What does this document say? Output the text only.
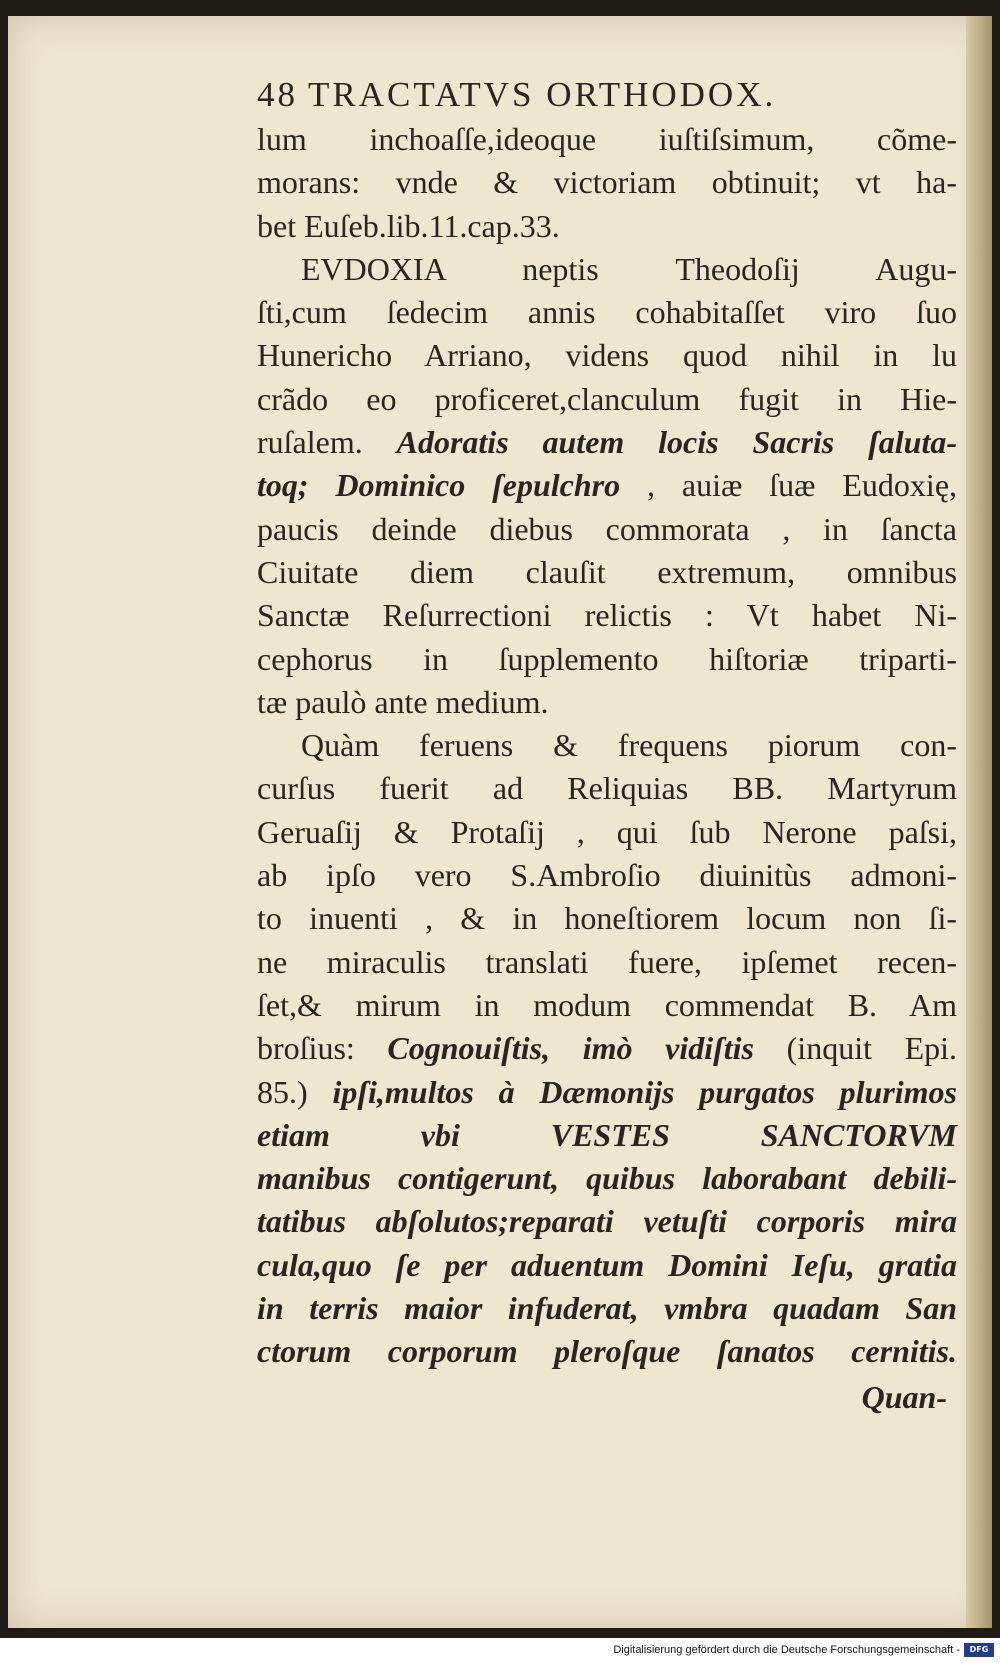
48 TRACTATVS ORTHODOX.
lum inchoaſſe,ideoque iuſtiſsimum, cõme-
morans: vnde & victoriam obtinuit; vt ha-
bet Euſeb.lib.11.cap.33.
EVDOXIA neptis Theodoſij Augu-
ſti,cum ſedecim annis cohabitaſſet viro ſuo
Hunericho Arriano, videns quod nihil in lu
crãdo eo proficeret,clanculum fugit in Hie-
ruſalem. Adoratis autem locis Sacris ſaluta-
toq; Dominico ſepulchro , auiæ ſuæ Eudoxię,
paucis deinde diebus commorata , in ſancta
Ciuitate diem clauſit extremum, omnibus
Sanctæ Reſurrectioni relictis : Vt habet Ni-
cephorus in ſupplemento hiſtoriæ triparti-
tæ paulò ante medium.
Quàm feruens & frequens piorum con-
curſus fuerit ad Reliquias BB. Martyrum
Geruaſij & Protaſij , qui ſub Nerone paſsi,
ab ipſo vero S.Ambroſio diuinitùs admoni-
to inuenti , & in honeſtiorem locum non ſi-
ne miraculis translati fuere, ipſemet recen-
ſet,& mirum in modum commendat B. Am
broſius: Cognouiſtis, imò vidiſtis (inquit Epi.
85.) ipſi,multos à Dæmonijs purgatos plurimos
etiam vbi VESTES SANCTORVM
manibus contigerunt, quibus laborabant debili-
tatibus abſolutos;reparati vetuſti corporis mira
cula,quo ſe per aduentum Domini Ieſu, gratia
in terris maior infuderat, vmbra quadam San
ctorum corporum pleroſque ſanatos cernitis.
Quan-
Digitalisierung gefördert durch die Deutsche Forschungsgemeinschaft -	DFG
